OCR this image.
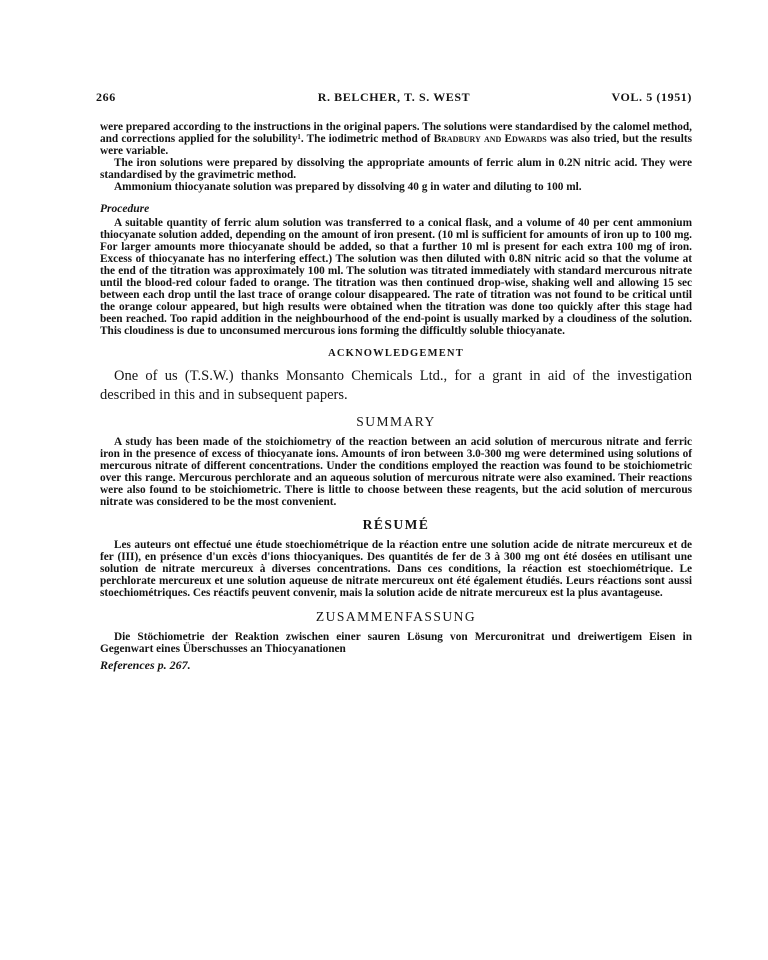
266	R. BELCHER, T. S. WEST	VOL. 5 (1951)

were prepared according to the instructions in the original papers. The solutions were standardised by the calomel method, and corrections applied for the solubility¹. The iodimetric method of Bradbury and Edwards was also tried, but the results were variable.

The iron solutions were prepared by dissolving the appropriate amounts of ferric alum in 0.2N nitric acid. They were standardised by the gravimetric method.

Ammonium thiocyanate solution was prepared by dissolving 40 g in water and diluting to 100 ml.

Procedure

A suitable quantity of ferric alum solution was transferred to a conical flask, and a volume of 40 per cent ammonium thiocyanate solution added, depending on the amount of iron present. (10 ml is sufficient for amounts of iron up to 100 mg. For larger amounts more thiocyanate should be added, so that a further 10 ml is present for each extra 100 mg of iron. Excess of thiocyanate has no interfering effect.) The solution was then diluted with 0.8N nitric acid so that the volume at the end of the titration was approximately 100 ml. The solution was titrated immediately with standard mercurous nitrate until the blood-red colour faded to orange. The titration was then continued drop-wise, shaking well and allowing 15 sec between each drop until the last trace of orange colour disappeared. The rate of titration was not found to be critical until the orange colour appeared, but high results were obtained when the titration was done too quickly after this stage had been reached. Too rapid addition in the neighbourhood of the end-point is usually marked by a cloudiness of the solution. This cloudiness is due to unconsumed mercurous ions forming the difficultly soluble thiocyanate.

ACKNOWLEDGEMENT

One of us (T.S.W.) thanks Monsanto Chemicals Ltd., for a grant in aid of the investigation described in this and in subsequent papers.

SUMMARY

A study has been made of the stoichiometry of the reaction between an acid solution of mercurous nitrate and ferric iron in the presence of excess of thiocyanate ions. Amounts of iron between 3.0-300 mg were determined using solutions of mercurous nitrate of different concentrations. Under the conditions employed the reaction was found to be stoichiometric over this range. Mercurous perchlorate and an aqueous solution of mercurous nitrate were also examined. Their reactions were also found to be stoichiometric. There is little to choose between these reagents, but the acid solution of mercurous nitrate was considered to be the most convenient.

RÉSUMÉ

Les auteurs ont effectué une étude stoechiométrique de la réaction entre une solution acide de nitrate mercureux et de fer (III), en présence d'un excès d'ions thiocyaniques. Des quantités de fer de 3 à 300 mg ont été dosées en utilisant une solution de nitrate mercureux à diverses concentrations. Dans ces conditions, la réaction est stoechiométrique. Le perchlorate mercureux et une solution aqueuse de nitrate mercureux ont été également étudiés. Leurs réactions sont aussi stoechiométriques. Ces réactifs peuvent convenir, mais la solution acide de nitrate mercureux est la plus avantageuse.

ZUSAMMENFASSUNG

Die Stöchiometrie der Reaktion zwischen einer sauren Lösung von Mercuronitrat und dreiwertigem Eisen in Gegenwart eines Überschusses an Thiocyanationen

References p. 267.
